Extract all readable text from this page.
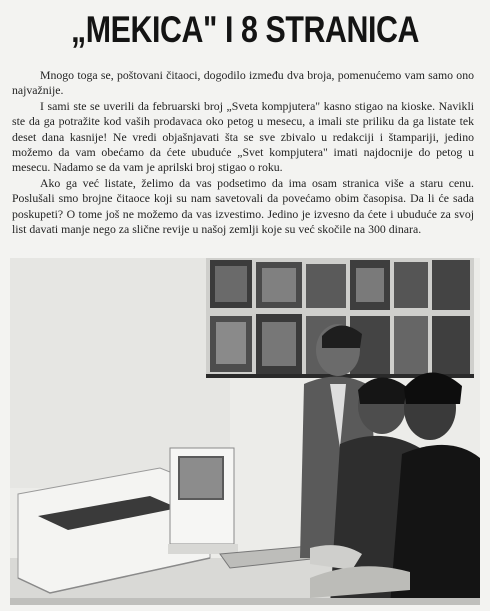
„MEKICA" I 8 STRANICA

Mnogo toga se, poštovani čitaoci, dogodilo između dva broja, pomenućemo vam samo ono najvažnije.

I sami ste se uverili da februarski broj „Sveta kompjutera" kasno stigao na kioske. Navikli ste da ga potražite kod vaših prodavaca oko petog u mesecu, a imali ste priliku da ga listate tek deset dana kasnije! Ne vredi objašnjavati šta se sve zbivalo u redakciji i štampariji, jedino možemo da vam obećamo da ćete ubuduće „Svet kompjutera" imati najdocnije do petog u mesecu. Nadamo se da vam je aprilski broj stigao o roku.

Ako ga već listate, želimo da vas podsetimo da ima osam stranica više a staru cenu. Poslušali smo brojne čitaoce koji su nam savetovali da povećamo obim časopisa. Da li će sada poskupeti? O tome još ne možemo da vas izvestimo. Jedino je izvesno da ćete i ubuduće za svoj list davati manje nego za slične revije u našoj zemlji koje su već skočile na 300 dinara.
